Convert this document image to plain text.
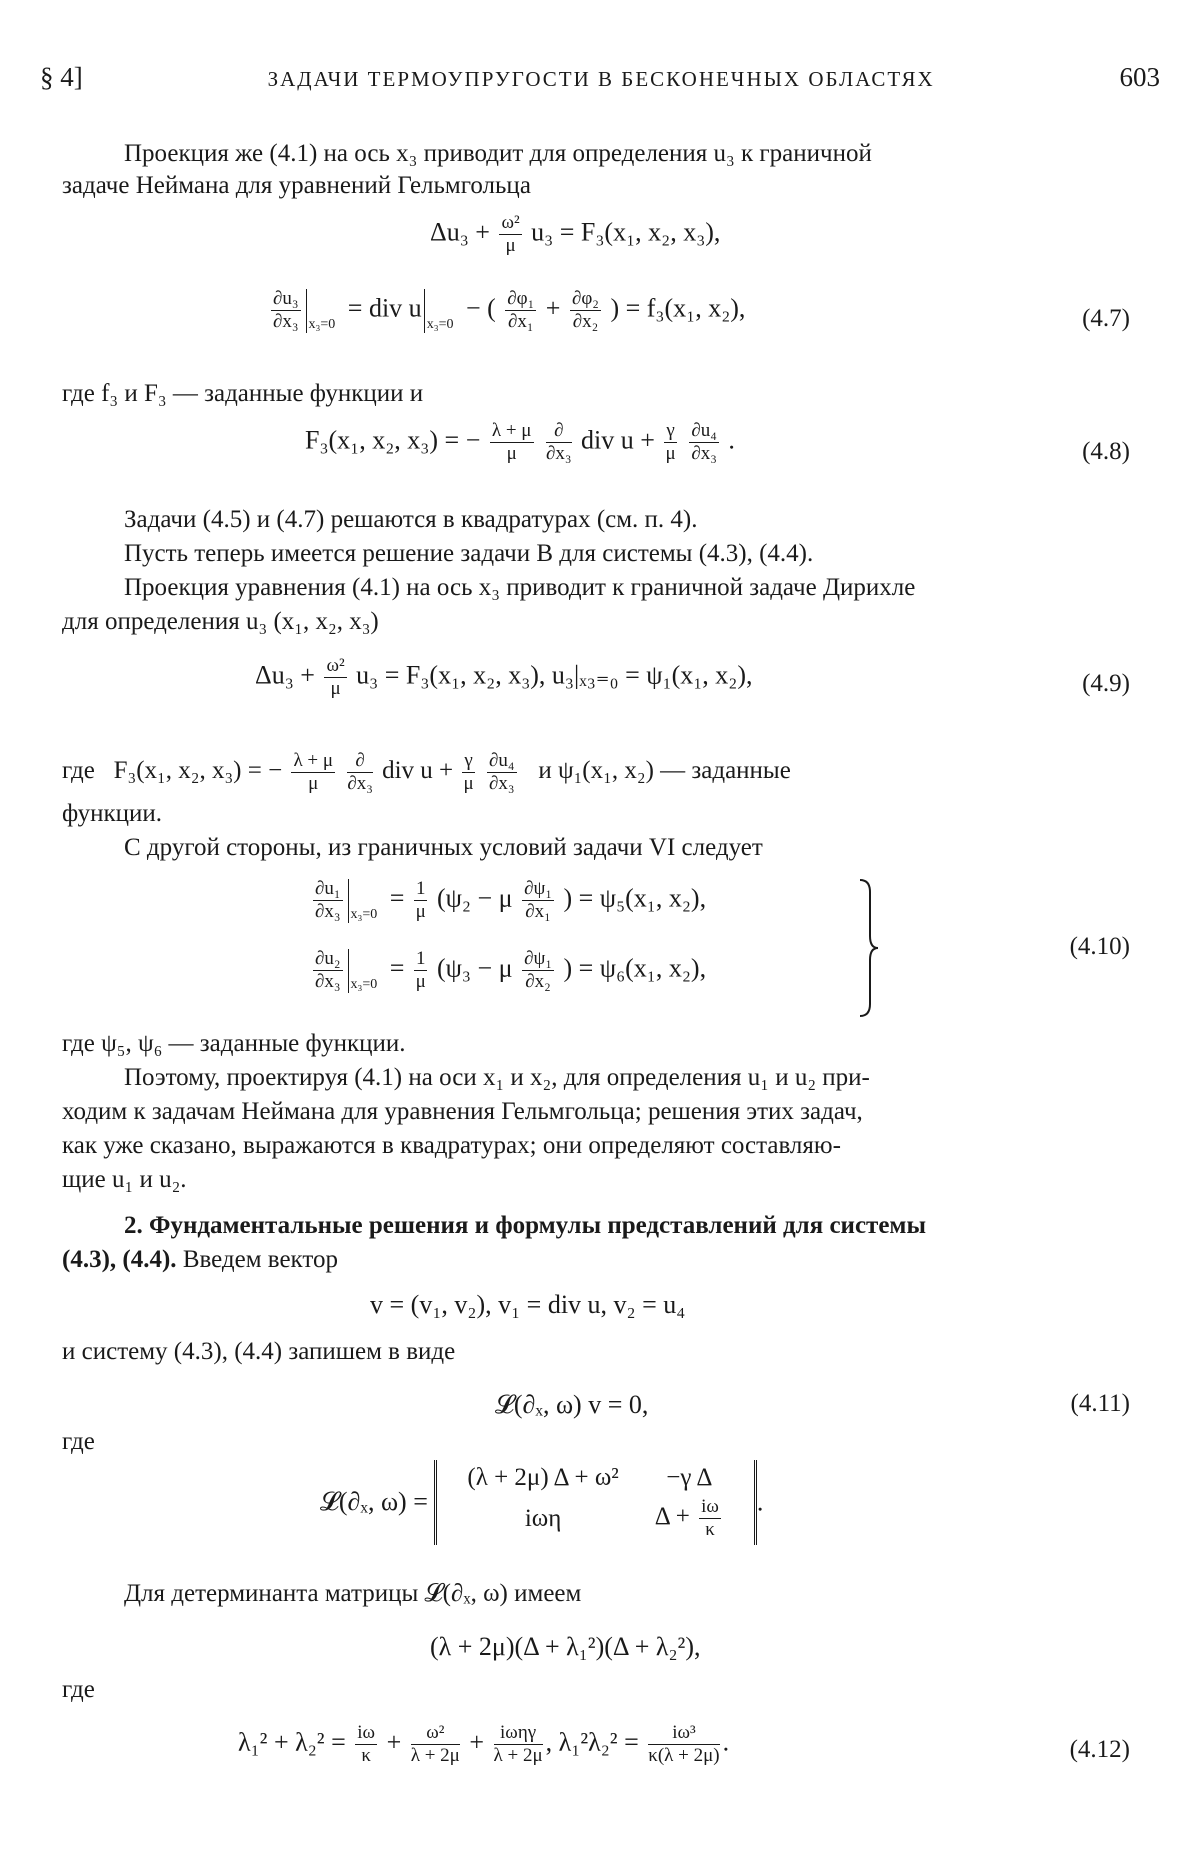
§ 4]	ЗАДАЧИ ТЕРМОУПРУГОСТИ В БЕСКОНЕЧНЫХ ОБЛАСТЯХ	603
Проекция же (4.1) на ось x₃ приводит для определения u₃ к граничной
задаче Неймана для уравнений Гельмгольца
$\Delta u_3 + \frac{\text{ω²}}{\mu} u_3 = F_3(x_1$, x₂, x₃),
$\frac{\text{∂u₃}}{\text{∂x₃}} x_3=0$ = div ux₃=0 − ( $\frac{\text{∂φ₁}}{\text{∂x₁}} + \frac{\text{∂φ₂}}{\text{∂x₂}}$ ) = f₃(x₁, x₂),	(4.7)
где f₃ и F₃ — заданные функции и
F₃(x₁, x₂, x₃) = − $\frac{\lambda + \mu}{\mu}$
$\frac{\partial}{\text{∂x₃}}$ div $u + \frac{\gamma}{\mu}$
$\frac{\text{∂u₄}}{\text{∂x₃}}$ .	(4.8)
Задачи (4.5) и (4.7) решаются в квадратурах (см. п. 4).
Пусть теперь имеется решение задачи B для системы (4.3), (4.4).
Проекция уравнения (4.1) на ось x₃ приводит к граничной задаче Дирихле
для определения u₃ (x₁, x₂, x₃)
$\Delta u_3 + \frac{\text{ω²}}{\mu} u_3 = F_3(x_1$, x₂, x₃), u₃|ₓ₃₌₀ = ψ₁(x₁, x₂),	(4.9)
где F₃(x₁, x₂, x₃) = − $\frac{\lambda + \mu}{\mu}$
$\frac{\partial}{\text{∂x₃}}$ div $u + \frac{\gamma}{\mu}$
$\frac{\text{∂u₄}}{\text{∂x₃}}$ и ψ₁(x₁, x₂) — заданные
функции.
С другой стороны, из граничных условий задачи VI следует
$\frac{\text{∂u₁}}{\text{∂x₃}} x_3=0 = \frac{1}{\mu} (\psi_2 - \mu \frac{\text{∂ψ₁}}{\text{∂x₁}}$ ) = ψ₅(x₁, x₂),
$\frac{\text{∂u₂}}{\text{∂x₃}} x_3=0 = \frac{1}{\mu} (\psi_3 - \mu \frac{\text{∂ψ₁}}{\text{∂x₂}}$ ) = ψ₆(x₁, x₂),
(4.10)
где ψ₅, ψ₆ — заданные функции.
Поэтому, проектируя (4.1) на оси x₁ и x₂, для определения u₁ и u₂ при-
ходим к задачам Неймана для уравнения Гельмгольца; решения этих задач,
как уже сказано, выражаются в квадратурах; они определяют составляю-
щие u₁ и u₂.
2. Фундаментальные решения и формулы представлений для системы
(4.3), (4.4). Введем вектор
v = (v₁, v₂), v₁ = div u, v₂ = u₄
и систему (4.3), (4.4) запишем в виде
𝓛(∂ₓ, ω) v = 0,	(4.11)
где
𝓛(∂ₓ, ω) =
(λ + 2μ) Δ + ω²	−γ Δ
iωη	$\Delta + \frac{i\omega}{\kappa}$ .
Для детерминанта матрицы 𝓛(∂ₓ, ω) имеем
(λ + 2μ)(Δ + λ₁²)(Δ + λ₂²),
где
$\lambda_1^2 + \lambda_2^2 = \frac{i\omega}{\kappa} + \frac{\text{ω²}}{\lambda + 2\mu} + \frac{\text{iωηγ}}{\lambda + 2\mu}$ , $\lambda_1^2\lambda_2^2 = \frac{\text{iω³}}{\kappa(\lambda + 2\mu)}$ .	(4.12)
